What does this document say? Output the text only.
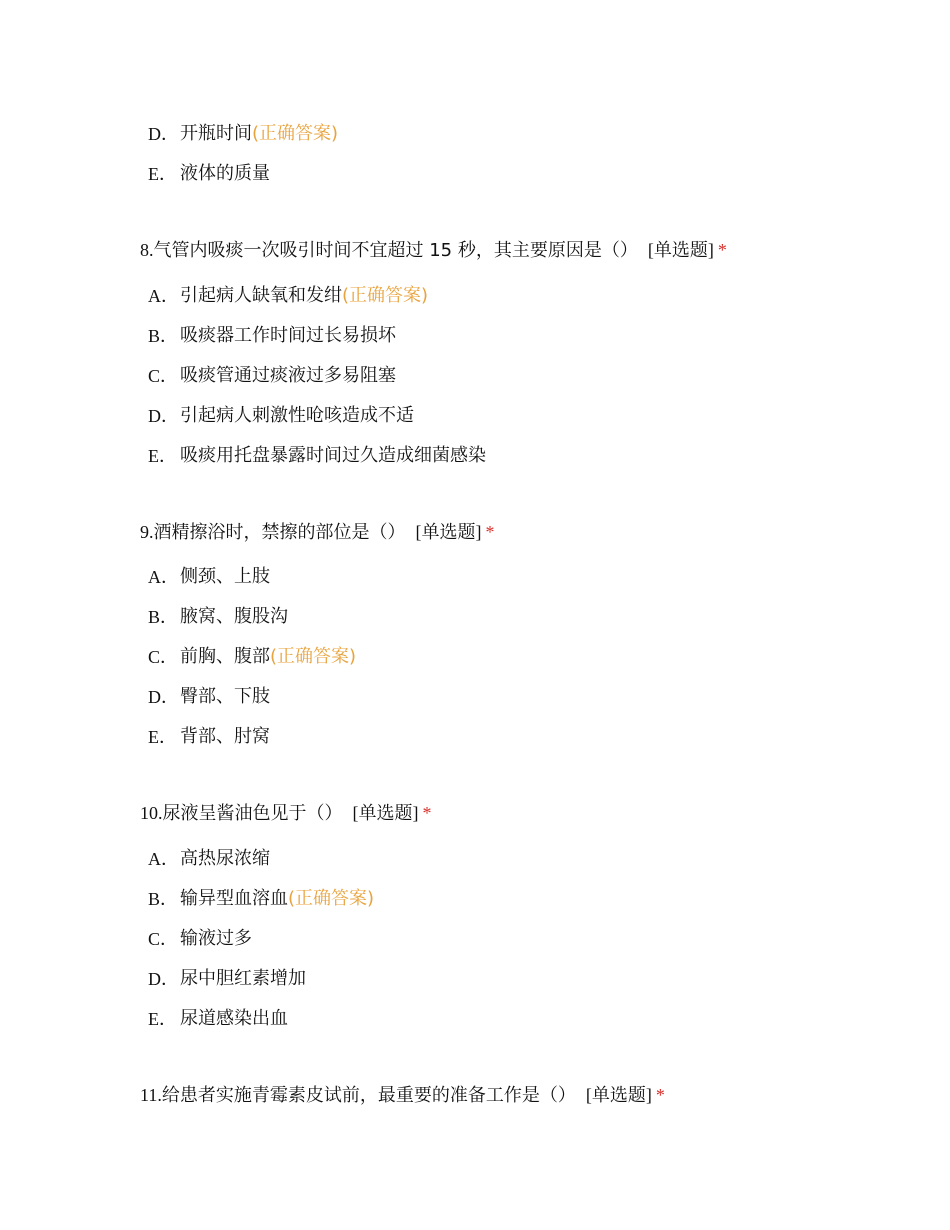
D． 开瓶时间(正确答案)
E． 液体的质量
8.气管内吸痰一次吸引时间不宜超过 15 秒，其主要原因是（） [单选题] *
A． 引起病人缺氧和发绀(正确答案)
B． 吸痰器工作时间过长易损坏
C． 吸痰管通过痰液过多易阻塞
D． 引起病人刺激性呛咳造成不适
E． 吸痰用托盘暴露时间过久造成细菌感染
9.酒精擦浴时，禁擦的部位是（） [单选题] *
A． 侧颈、上肢
B． 腋窝、腹股沟
C． 前胸、腹部(正确答案)
D． 臀部、下肢
E． 背部、肘窝
10.尿液呈酱油色见于（） [单选题] *
A． 高热尿浓缩
B． 输异型血溶血(正确答案)
C． 输液过多
D． 尿中胆红素增加
E． 尿道感染出血
11.给患者实施青霉素皮试前，最重要的准备工作是（） [单选题] *
